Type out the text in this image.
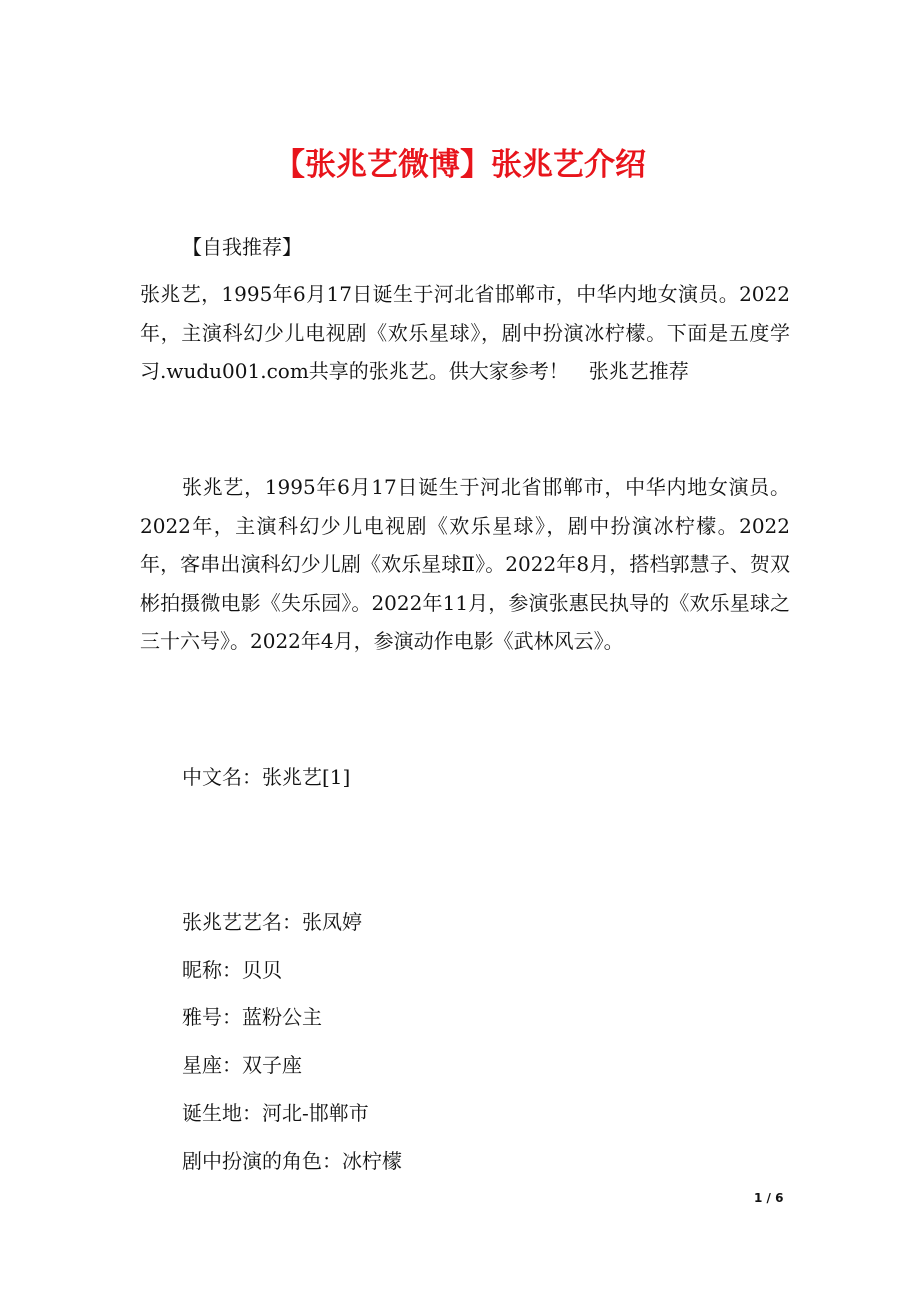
【张兆艺微博】张兆艺介绍
【自我推荐】

张兆艺，1995年6月17日诞生于河北省邯郸市，中华内地女演员。2022年，主演科幻少儿电视剧《欢乐星球》，剧中扮演冰柠檬。下面是五度学习.wudu001.com共享的张兆艺。供大家参考！　张兆艺推荐

张兆艺，1995年6月17日诞生于河北省邯郸市，中华内地女演员。2022年，主演科幻少儿电视剧《欢乐星球》，剧中扮演冰柠檬。2022年，客串出演科幻少儿剧《欢乐星球Ⅱ》。2022年8月，搭档郭慧子、贺双彬拍摄微电影《失乐园》。2022年11月，参演张惠民执导的《欢乐星球之三十六号》。2022年4月，参演动作电影《武林风云》。

中文名：张兆艺[1]
张兆艺艺名：张凤婷
昵称：贝贝
雅号：蓝粉公主
星座：双子座
诞生地：河北-邯郸市
剧中扮演的角色：冰柠檬
1 / 6
